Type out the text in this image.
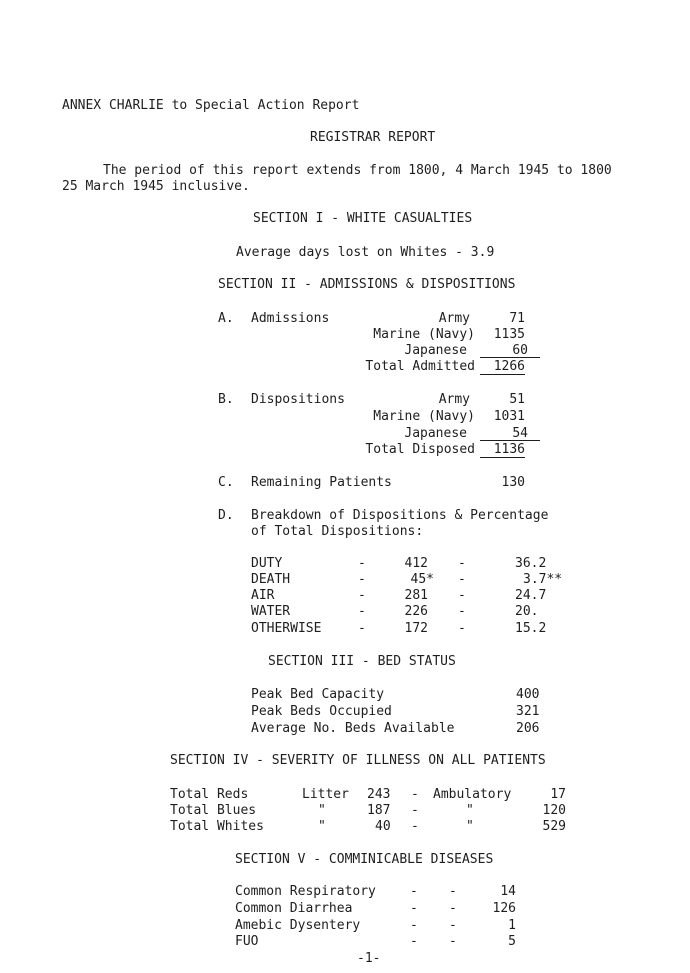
ANNEX CHARLIE to Special Action Report
REGISTRAR REPORT
The period of this report extends from 1800, 4 March 1945 to 1800
25 March 1945 inclusive.
SECTION I - WHITE CASUALTIES
Average days lost on Whites - 3.9
SECTION II - ADMISSIONS & DISPOSITIONS
A. Admissions	Army	71
Marine (Navy)	1135
Japanese	60
Total Admitted	1266
B. Dispositions	Army	51
Marine (Navy)	1031
Japanese	54
Total Disposed	1136
C. Remaining Patients	130
D. Breakdown of Dispositions & Percentage
of Total Dispositions:
DUTY	-	412 -	36.2
DEATH	-	45* -	3.7**
AIR	-	281 -	24.7
WATER	-	226 -	20.
OTHERWISE	-	172 -	15.2
SECTION III - BED STATUS
Peak Bed Capacity	400
Peak Beds Occupied	321
Average No. Beds Available	206
SECTION IV - SEVERITY OF ILLNESS ON ALL PATIENTS
Total Reds	Litter 243 - Ambulatory	17
Total Blues	"	187 -	"	120
Total Whites	"	40 -	"	529
SECTION V - COMMINICABLE DISEASES
Common Respiratory	- -	14
Common Diarrhea	- -	126
Amebic Dysentery	- -	1
FUO	- -	5
-1-
